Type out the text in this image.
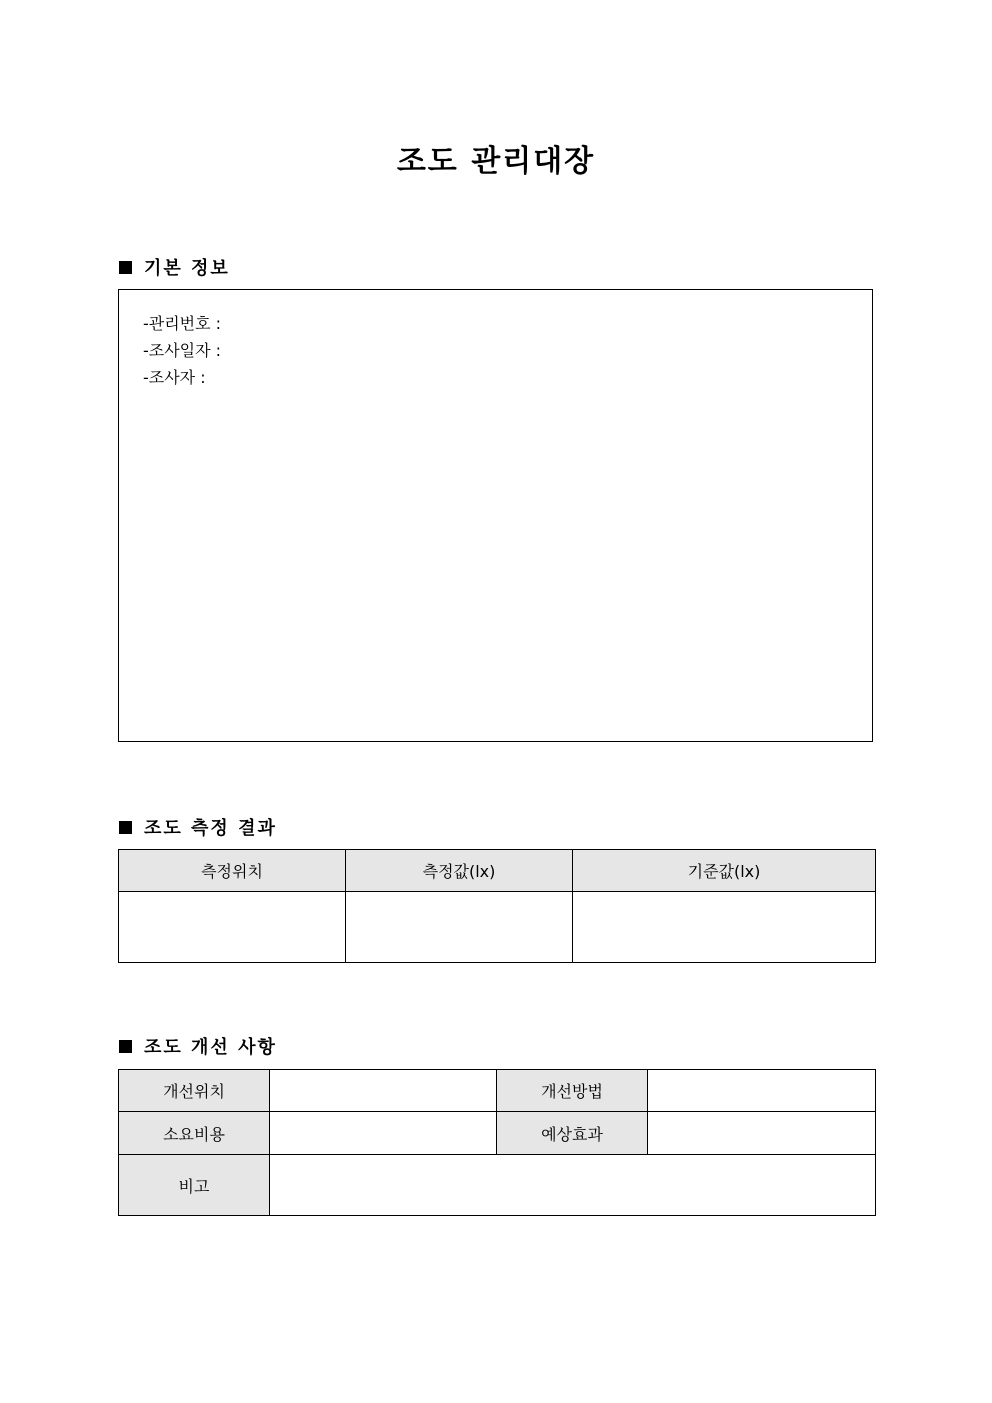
조도 관리대장
기본 정보
-관리번호 :
-조사일자 :
-조사자 :
조도 측정 결과
측정위치	측정값(lx)	기준값(lx)

조도 개선 사항
개선위치		개선방법	
소요비용		예상효과	
비고			
